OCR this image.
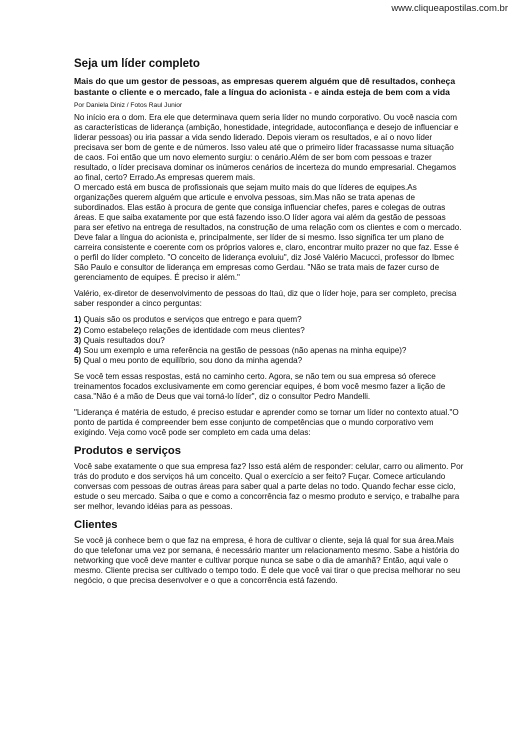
www.cliqueapostilas.com.br
Seja um líder completo
Mais do que um gestor de pessoas, as empresas querem alguém que dê resultados, conheça bastante o cliente e o mercado, fale a língua do acionista - e ainda esteja de bem com a vida
Por Daniela Diniz / Fotos Raul Junior

No início era o dom. Era ele que determinava quem seria líder no mundo corporativo. Ou você nascia com as características de liderança (ambição, honestidade, integridade, autoconfiança e desejo de influenciar e liderar pessoas) ou iria passar a vida sendo liderado. Depois vieram os resultados, e aí o novo líder precisava ser bom de gente e de números. Isso valeu até que o primeiro líder fracassasse numa situação de caos. Foi então que um novo elemento surgiu: o cenário.Além de ser bom com pessoas e trazer resultado, o líder precisava dominar os inúmeros cenários de incerteza do mundo empresarial. Chegamos ao final, certo? Errado.As empresas querem mais.

O mercado está em busca de profissionais que sejam muito mais do que líderes de equipes.As organizações querem alguém que articule e envolva pessoas, sim.Mas não se trata apenas de subordinados. Elas estão à procura de gente que consiga influenciar chefes, pares e colegas de outras áreas. E que saiba exatamente por que está fazendo isso.O líder agora vai além da gestão de pessoas para ser efetivo na entrega de resultados, na construção de uma relação com os clientes e com o mercado. Deve falar a língua do acionista e, principalmente, ser líder de si mesmo. Isso significa ter um plano de carreira consistente e coerente com os próprios valores e, claro, encontrar muito prazer no que faz. Esse é o perfil do líder completo. "O conceito de liderança evoluiu", diz José Valério Macucci, professor do Ibmec São Paulo e consultor de liderança em empresas como Gerdau. "Não se trata mais de fazer curso de gerenciamento de equipes. É preciso ir além."

Valério, ex-diretor de desenvolvimento de pessoas do Itaú, diz que o líder hoje, para ser completo, precisa saber responder a cinco perguntas:

1) Quais são os produtos e serviços que entrego e para quem?
2) Como estabeleço relações de identidade com meus clientes?
3) Quais resultados dou?
4) Sou um exemplo e uma referência na gestão de pessoas (não apenas na minha equipe)?
5) Qual o meu ponto de equilíbrio, sou dono da minha agenda?

Se você tem essas respostas, está no caminho certo. Agora, se não tem ou sua empresa só oferece treinamentos focados exclusivamente em como gerenciar equipes, é bom você mesmo fazer a lição de casa."Não é a mão de Deus que vai torná-lo líder", diz o consultor Pedro Mandelli.

"Liderança é matéria de estudo, é preciso estudar e aprender como se tornar um líder no contexto atual."O ponto de partida é compreender bem esse conjunto de competências que o mundo corporativo vem exigindo. Veja como você pode ser completo em cada uma delas:

Produtos e serviços

Você sabe exatamente o que sua empresa faz? Isso está além de responder: celular, carro ou alimento. Por trás do produto e dos serviços há um conceito. Qual o exercício a ser feito? Fuçar. Comece articulando conversas com pessoas de outras áreas para saber qual a parte delas no todo. Quando fechar esse ciclo, estude o seu mercado. Saiba o que e como a concorrência faz o mesmo produto e serviço, e trabalhe para ser melhor, levando idéias para as pessoas.

Clientes

Se você já conhece bem o que faz na empresa, é hora de cultivar o cliente, seja lá qual for sua área.Mais do que telefonar uma vez por semana, é necessário manter um relacionamento mesmo. Sabe a história do networking que você deve manter e cultivar porque nunca se sabe o dia de amanhã? Então, aqui vale o mesmo. Cliente precisa ser cultivado o tempo todo. É dele que você vai tirar o que precisa melhorar no seu negócio, o que precisa desenvolver e o que a concorrência está fazendo.
